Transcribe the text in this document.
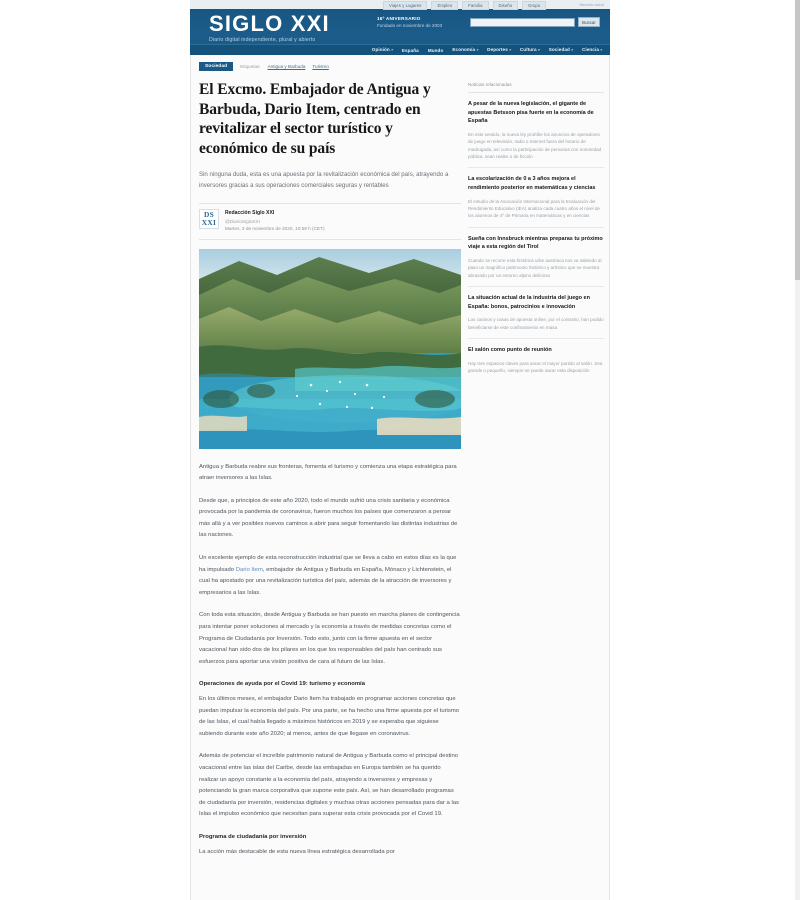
Viajes y Lugares	Empleo	Familia	Diseño	Grupo	Servicio móvil
SIGLO XXI
Diario digital independiente, plural y abierto
16º ANIVERSARIO
Fundado en noviembre de 2003
Buscar
Opinión ▾ España Mundo Economía ▾ Deportes ▾ Cultura ▾ Sociedad ▾ Ciencia ▾
Sociedad	Etiquetas: Antigua y Barbuda Turismo
El Excmo. Embajador de Antigua y Barbuda, Dario Item, centrado en revitalizar el sector turístico y económico de su país

Sin ninguna duda, esta es una apuesta por la revitalización económica del país, atrayendo a inversores gracias a sus operaciones comerciales seguras y rentables

DS
XXI
Redacción Siglo XXI
@DiarioSigloXXI
Martes, 3 de noviembre de 2020, 10:58 h (CET)

Antigua y Barbuda reabre sus fronteras, fomenta el turismo y comienza una etapa estratégica para atraer inversores a las Islas.

Desde que, a principios de este año 2020, todo el mundo sufrió una crisis sanitaria y económica provocada por la pandemia de coronavirus, fueron muchos los países que comenzaron a pensar más allá y a ver posibles nuevos caminos a abrir para seguir fomentando las distintas industrias de las naciones.

Un excelente ejemplo de esta reconstrucción industrial que se lleva a cabo en estos días es la que ha impulsado Dario Item, embajador de Antigua y Barbuda en España, Mónaco y Lichtenstein, el cual ha apostado por una revitalización turística del país, además de la atracción de inversores y empresarios a las Islas.

Con toda esta situación, desde Antigua y Barbuda se han puesto en marcha planes de contingencia para intentar poner soluciones al mercado y la economía a través de medidas concretas como el Programa de Ciudadanía por Inversión. Todo esto, junto con la firme apuesta en el sector vacacional han sido dos de los pilares en los que los responsables del país han centrado sus esfuerzos para aportar una visión positiva de cara al futuro de las Islas.

Operaciones de ayuda por el Covid 19: turismo y economía

En los últimos meses, el embajador Dario Item ha trabajado en programar acciones concretas que puedan impulsar la economía del país. Por una parte, se ha hecho una firme apuesta por el turismo de las Islas, el cual había llegado a máximos históricos en 2019 y se esperaba que siguiese subiendo durante este año 2020; al menos, antes de que llegase en coronavirus.

Además de potenciar el increíble patrimonio natural de Antigua y Barbuda como el principal destino vacacional entre las islas del Caribe, desde las embajadas en Europa también se ha querido realizar un apoyo constante a la economía del país, atrayendo a inversores y empresas y potenciando la gran marca corporativa que supone este país. Así, se han desarrollado programas de ciudadanía por inversión, residencias digitales y muchas otras acciones pensadas para dar a las Islas el impulso económico que necesitan para superar esta crisis provocada por el Covid 19.

Programa de ciudadanía por inversión

La acción más destacable de esta nueva línea estratégica desarrollada por

Noticias relacionadas

A pesar de la nueva legislación, el gigante de apuestas Betsson pisa fuerte en la economía de España

En este sentido, la nueva ley prohíbe los anuncios de operadores de juego en televisión, radio o Internet fuera del horario de madrugada, así como la participación de personas con notoriedad pública, sean reales o de ficción

La escolarización de 0 a 3 años mejora el rendimiento posterior en matemáticas y ciencias

El estudio de la Asociación Internacional para la Evaluación del Rendimiento Educativo (IEA) analiza cada cuatro años el nivel de los alumnos de 4º de Primaria en matemáticas y en ciencias

Sueña con Innsbruck mientras preparas tu próximo viaje a esta región del Tirol

Cuando se recorre esta histórica urbe austriaca nos va saliendo al paso un magnífico patrimonio histórico y artístico que se muestra abrazado por un entorno alpino delicioso

La situación actual de la industria del juego en España: bonos, patrocinios e innovación

Los casinos y casas de apuesta online, por el contrario, han podido beneficiarse de este confinamiento en masa

El salón como punto de reunión

Hay tres espacios claves para sacar el mayor partido al salón. Sea grande o pequeño, siempre se puede sacar esta disposición
